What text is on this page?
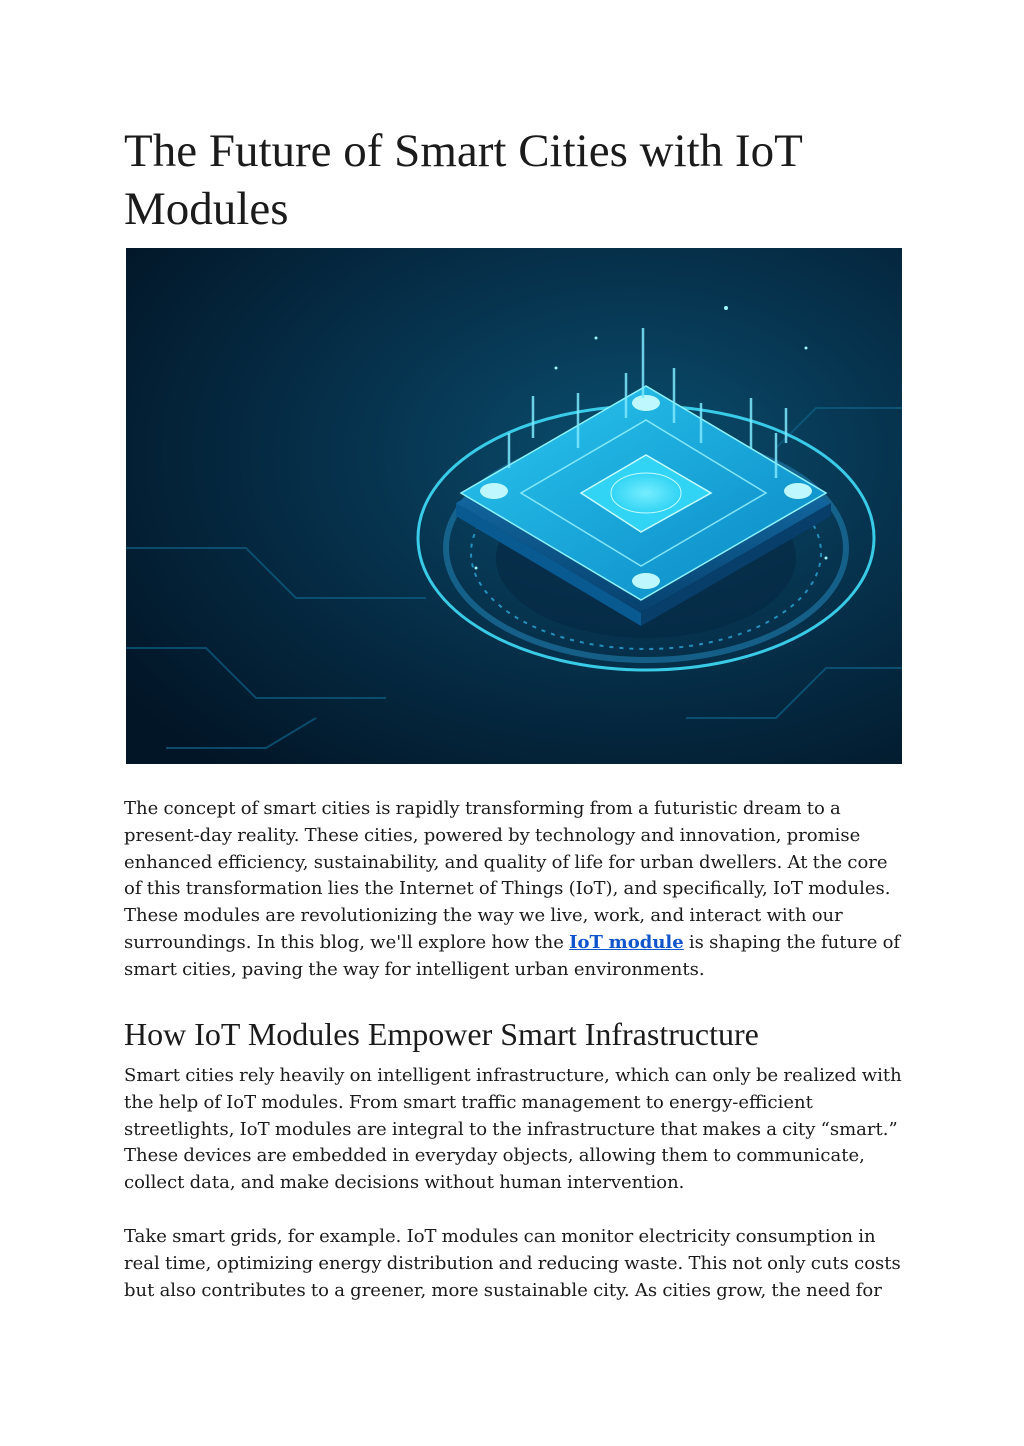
The Future of Smart Cities with IoT Modules

The concept of smart cities is rapidly transforming from a futuristic dream to a present-day reality. These cities, powered by technology and innovation, promise enhanced efficiency, sustainability, and quality of life for urban dwellers. At the core of this transformation lies the Internet of Things (IoT), and specifically, IoT modules. These modules are revolutionizing the way we live, work, and interact with our surroundings. In this blog, we'll explore how the IoT module is shaping the future of smart cities, paving the way for intelligent urban environments.

How IoT Modules Empower Smart Infrastructure

Smart cities rely heavily on intelligent infrastructure, which can only be realized with the help of IoT modules. From smart traffic management to energy-efficient streetlights, IoT modules are integral to the infrastructure that makes a city “smart.” These devices are embedded in everyday objects, allowing them to communicate, collect data, and make decisions without human intervention.

Take smart grids, for example. IoT modules can monitor electricity consumption in real time, optimizing energy distribution and reducing waste. This not only cuts costs but also contributes to a greener, more sustainable city. As cities grow, the need for
